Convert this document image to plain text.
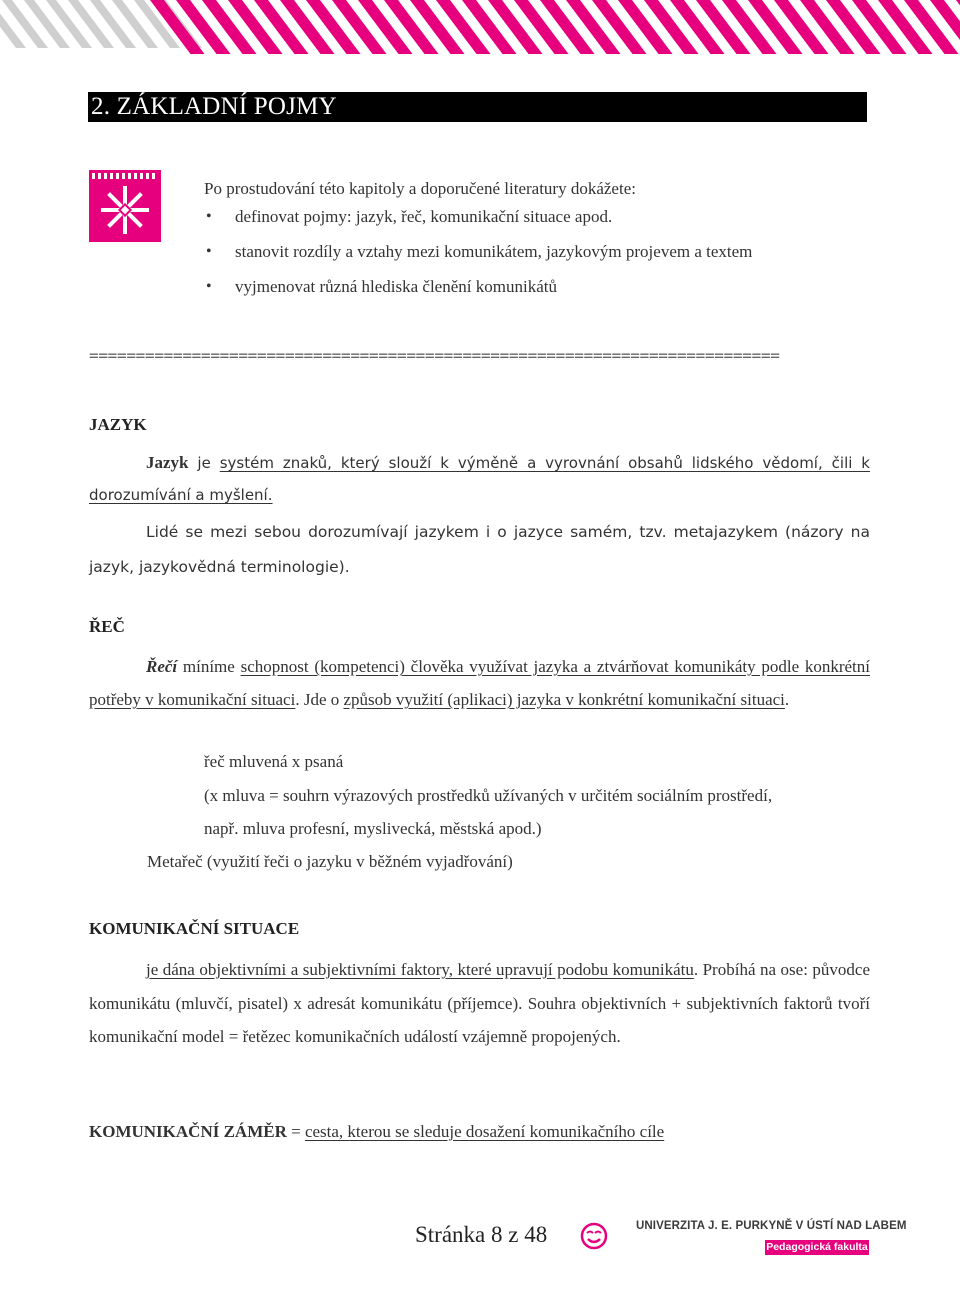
2. ZÁKLADNÍ POJMY
Po prostudování této kapitoly a doporučené literatury dokážete:
• definovat pojmy: jazyk, řeč, komunikační situace apod.
• stanovit rozdíly a vztahy mezi komunikátem, jazykovým projevem a textem
• vyjmenovat různá hlediska členění komunikátů
==========================================================================
JAZYK

Jazyk je systém znaků, který slouží k výměně a vyrovnání obsahů lidského vědomí, čili k dorozumívání a myšlení.

Lidé se mezi sebou dorozumívají jazykem i o jazyce samém, tzv. metajazykem (názory na jazyk, jazykovědná terminologie).

ŘEČ

Řečí míníme schopnost (kompetenci) člověka využívat jazyka a ztvárňovat komunikáty podle konkrétní potřeby v komunikační situaci. Jde o způsob využití (aplikaci) jazyka v konkrétní komunikační situaci.

řeč mluvená x psaná
(x mluva = souhrn výrazových prostředků užívaných v určitém sociálním prostředí,
např. mluva profesní, myslivecká, městská apod.)
Metařeč (využití řeči o jazyku v běžném vyjadřování)
KOMUNIKAČNÍ SITUACE

je dána objektivními a subjektivními faktory, které upravují podobu komunikátu. Probíhá na ose: původce komunikátu (mluvčí, pisatel) x adresát komunikátu (příjemce). Souhra objektivních + subjektivních faktorů tvoří komunikační model = řetězec komunikačních událostí vzájemně propojených.

KOMUNIKAČNÍ ZÁMĚR = cesta, kterou se sleduje dosažení komunikačního cíle
Stránka 8 z 48	UNIVERZITA J. E. PURKYNĚ V ÚSTÍ NAD LABEM
Pedagogická fakulta
